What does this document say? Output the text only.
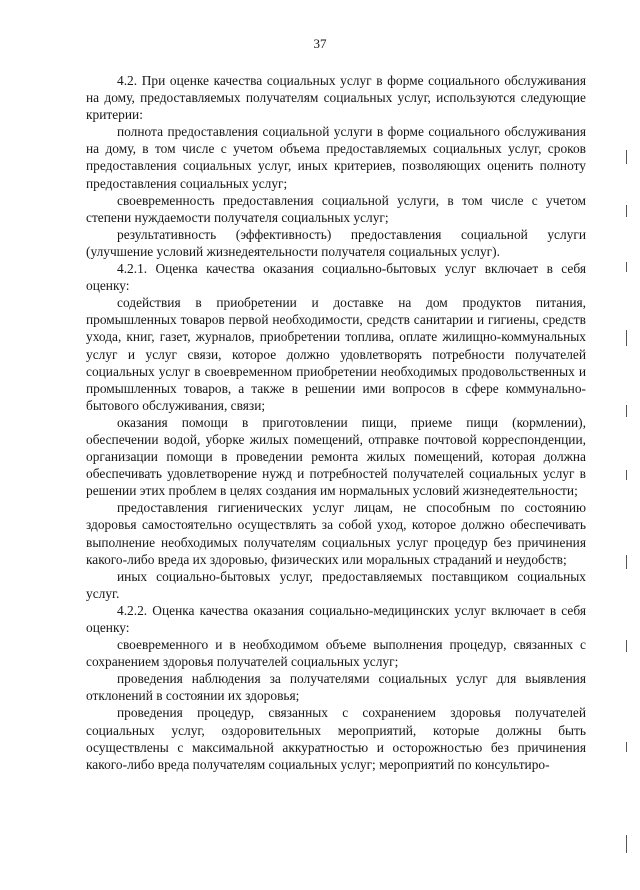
37

4.2. При оценке качества социальных услуг в форме социального обслуживания на дому, предоставляемых получателям социальных услуг, используются следующие критерии:

полнота предоставления социальной услуги в форме социального обслуживания на дому, в том числе с учетом объема предоставляемых социальных услуг, сроков предоставления социальных услуг, иных критериев, позволяющих оценить полноту предоставления социальных услуг;

своевременность предоставления социальной услуги, в том числе с учетом степени нуждаемости получателя социальных услуг;

результативность (эффективность) предоставления социальной услуги (улучшение условий жизнедеятельности получателя социальных услуг).

4.2.1. Оценка качества оказания социально-бытовых услуг включает в себя оценку:

содействия в приобретении и доставке на дом продуктов питания, промышленных товаров первой необходимости, средств санитарии и гигиены, средств ухода, книг, газет, журналов, приобретении топлива, оплате жилищно-коммунальных услуг и услуг связи, которое должно удовлетворять потребности получателей социальных услуг в своевременном приобретении необходимых продовольственных и промышленных товаров, а также в решении ими вопросов в сфере коммунально-бытового обслуживания, связи;

оказания помощи в приготовлении пищи, приеме пищи (кормлении), обеспечении водой, уборке жилых помещений, отправке почтовой корреспонденции, организации помощи в проведении ремонта жилых помещений, которая должна обеспечивать удовлетворение нужд и потребностей получателей социальных услуг в решении этих проблем в целях создания им нормальных условий жизнедеятельности;

предоставления гигиенических услуг лицам, не способным по состоянию здоровья самостоятельно осуществлять за собой уход, которое должно обеспечивать выполнение необходимых получателям социальных услуг процедур без причинения какого-либо вреда их здоровью, физических или моральных страданий и неудобств;

иных социально-бытовых услуг, предоставляемых поставщиком социальных услуг.

4.2.2. Оценка качества оказания социально-медицинских услуг включает в себя оценку:

своевременного и в необходимом объеме выполнения процедур, связанных с сохранением здоровья получателей социальных услуг;

проведения наблюдения за получателями социальных услуг для выявления отклонений в состоянии их здоровья;

проведения процедур, связанных с сохранением здоровья получателей социальных услуг, оздоровительных мероприятий, которые должны быть осуществлены с максимальной аккуратностью и осторожностью без причинения какого-либо вреда получателям социальных услуг; мероприятий по консультиро-
